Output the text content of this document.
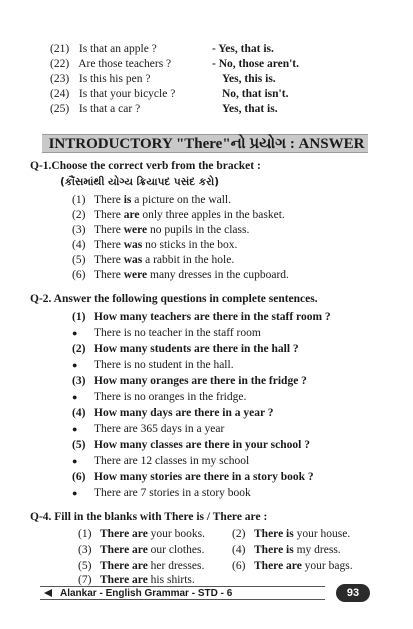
(21) Is that an apple ?	- Yes, that is.
(22) Are those teachers ?	- No, those aren't.
(23) Is this his pen ?	Yes, this is.
(24) Is that your bicycle ?	No, that isn't.
(25) Is that a car ?	Yes, that is.
INTRODUCTORY "There"નો પ્રયોગ : ANSWER
Q-1.Choose the correct verb from the bracket :
(કૌંસમાંથી યોગ્ય ક્રિયાપદ પસંદ કરો)
(1) There is a picture on the wall.
(2) There are only three apples in the basket.
(3) There were no pupils in the class.
(4) There was no sticks in the box.
(5) There was a rabbit in the hole.
(6) There were many dresses in the cupboard.
Q-2. Answer the following questions in complete sentences.
(1) How many teachers are there in the staff room ?
● There is no teacher in the staff room
(2) How many students are there in the hall ?
● There is no student in the hall.
(3) How many oranges are there in the fridge ?
● There is no oranges in the fridge.
(4) How many days are there in a year ?
● There are 365 days in a year
(5) How many classes are there in your school ?
● There are 12 classes in my school
(6) How many stories are there in a story book ?
● There are 7 stories in a story book
Q-4. Fill in the blanks with There is / There are :
(1) There are your books. (2) There is your house.
(3) There are our clothes. (4) There is my dress.
(5) There are her dresses. (6) There are your bags.
(7) There are his shirts.
Alankar - English Grammar - STD - 6	93
